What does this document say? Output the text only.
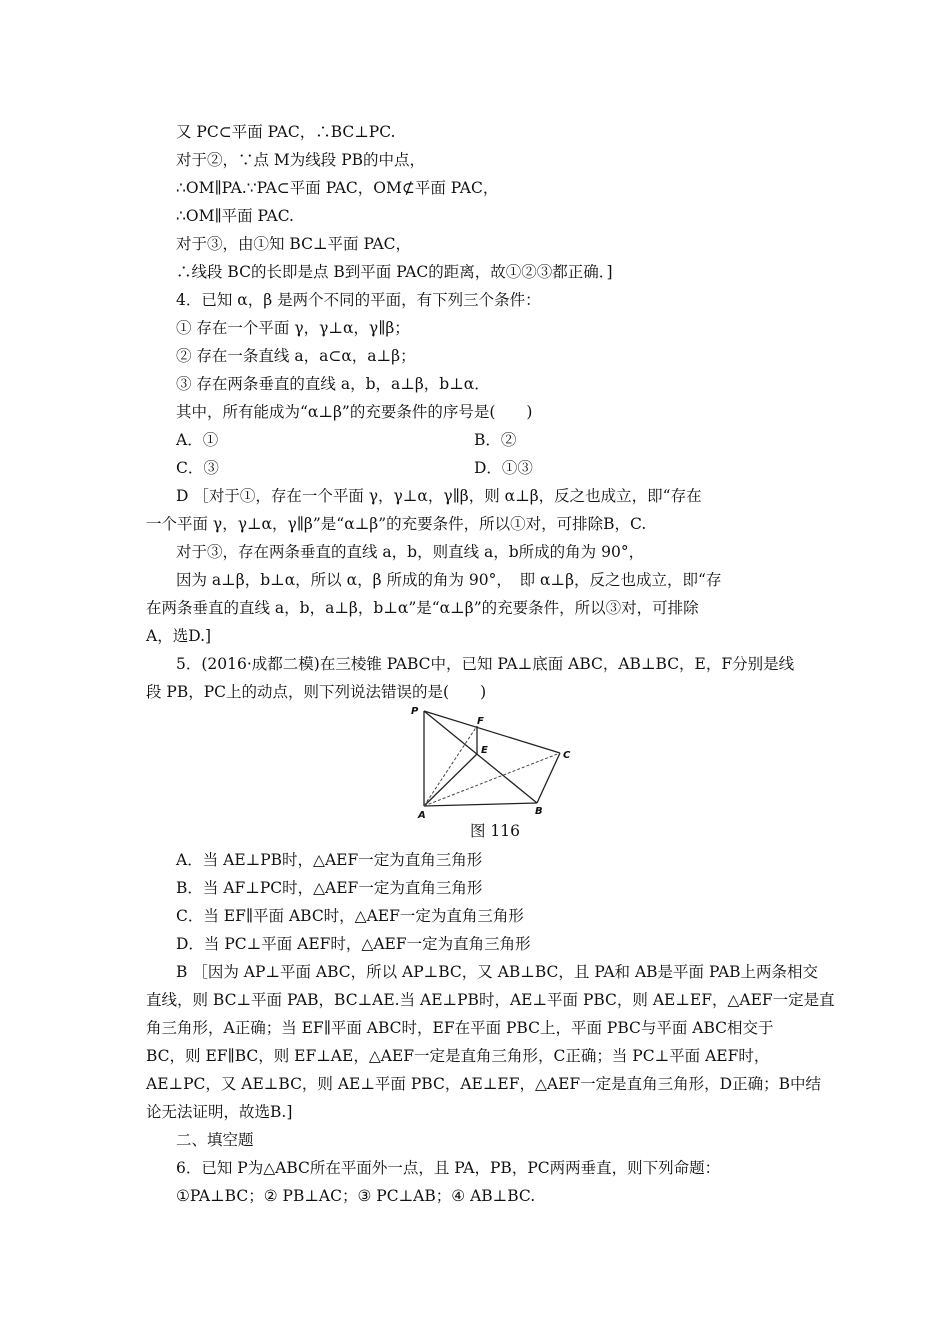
又 PC⊂平面 PAC，∴BC⊥PC.
对于②，∵点 M为线段 PB的中点，
∴OM∥PA.∵PA⊂平面 PAC，OM⊄平面 PAC，
∴OM∥平面 PAC.
对于③，由①知 BC⊥平面 PAC，
∴线段 BC的长即是点 B到平面 PAC的距离，故①②③都正确．]
4．已知 α，β 是两个不同的平面，有下列三个条件：
① 存在一个平面 γ，γ⊥α，γ∥β；
② 存在一条直线 a，a⊂α，a⊥β；
③ 存在两条垂直的直线 a，b，a⊥β，b⊥α．
其中，所有能成为“α⊥β”的充要条件的序号是(　　)
A．①	B．②
C．③	D．①③
D ［对于①，存在一个平面 γ，γ⊥α，γ∥β，则 α⊥β，反之也成立，即“存在
一个平面 γ，γ⊥α，γ∥β”是“α⊥β”的充要条件，所以①对，可排除B，C.
对于③，存在两条垂直的直线 a，b，则直线 a，b所成的角为 90°，
因为 a⊥β，b⊥α，所以 α，β 所成的角为 90°，　即 α⊥β，反之也成立，即“存
在两条垂直的直线 a，b，a⊥β，b⊥α”是“α⊥β”的充要条件，所以③对，可排除
A，选D.]
5．(2016·成都二模)在三棱锥 PABC中，已知 PA⊥底面 ABC，AB⊥BC，E，F分别是线
段 PB，PC上的动点，则下列说法错误的是(　　)
P
F
E	C
A	B
图 116
A．当 AE⊥PB时，△AEF一定为直角三角形
B．当 AF⊥PC时，△AEF一定为直角三角形
C．当 EF∥平面 ABC时，△AEF一定为直角三角形
D．当 PC⊥平面 AEF时，△AEF一定为直角三角形
B ［因为 AP⊥平面 ABC，所以 AP⊥BC，又 AB⊥BC，且 PA和 AB是平面 PAB上两条相交
直线，则 BC⊥平面 PAB，BC⊥AE.当 AE⊥PB时，AE⊥平面 PBC，则 AE⊥EF，△AEF一定是直
角三角形，A正确；当 EF∥平面 ABC时，EF在平面 PBC上，平面 PBC与平面 ABC相交于
BC，则 EF∥BC，则 EF⊥AE，△AEF一定是直角三角形，C正确；当 PC⊥平面 AEF时，
AE⊥PC，又 AE⊥BC，则 AE⊥平面 PBC，AE⊥EF，△AEF一定是直角三角形，D正确；B中结
论无法证明，故选B.]
二、填空题
6．已知 P为△ABC所在平面外一点，且 PA，PB，PC两两垂直，则下列命题：
①PA⊥BC；② PB⊥AC；③ PC⊥AB；④ AB⊥BC.
